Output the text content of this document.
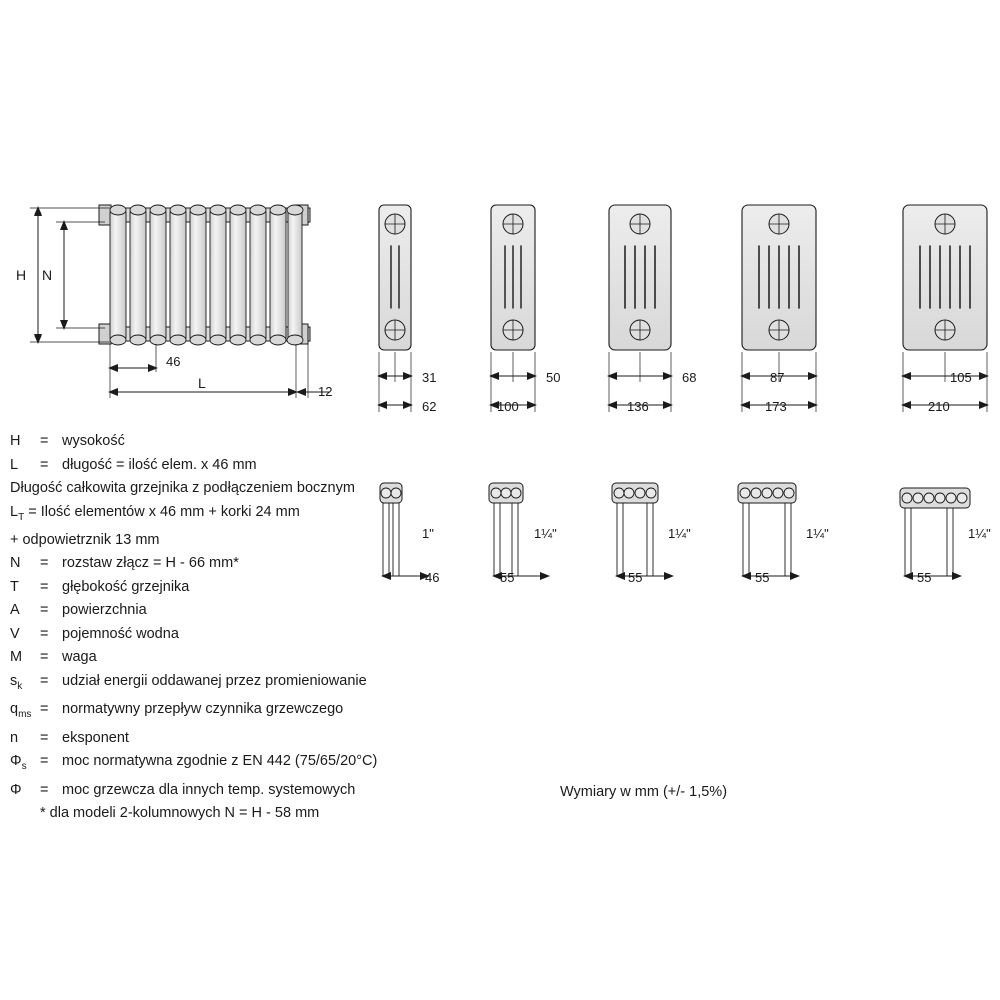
H N
46
L
12
31
62
50
100
68
136
87
173
105
210
1"
46
1¼"
55
1¼"
55
1¼"
55
1¼"
55
H	= wysokość
L	= długość = ilość elem. x 46 mm
Długość całkowita grzejnika z podłączeniem bocznym
$L_T$ = Ilość elementów x 46 mm + korki 24 mm
+ odpowietrznik 13 mm
N	= rozstaw złącz = H - 66 mm*
T	= głębokość grzejnika
A	= powierzchnia
V	= pojemność wodna
M	= waga
$s_k$	= udział energii oddawanej przez promieniowanie
$q_{ms}$ = normatywny przepływ czynnika grzewczego
n	= eksponent
$\Phi_s$ = moc normatywna zgodnie z EN 442 (75/65/20°C)
Φ	= moc grzewcza dla innych temp. systemowych
* dla modeli 2-kolumnowych N = H - 58 mm
Wymiary w mm (+/- 1,5%)
